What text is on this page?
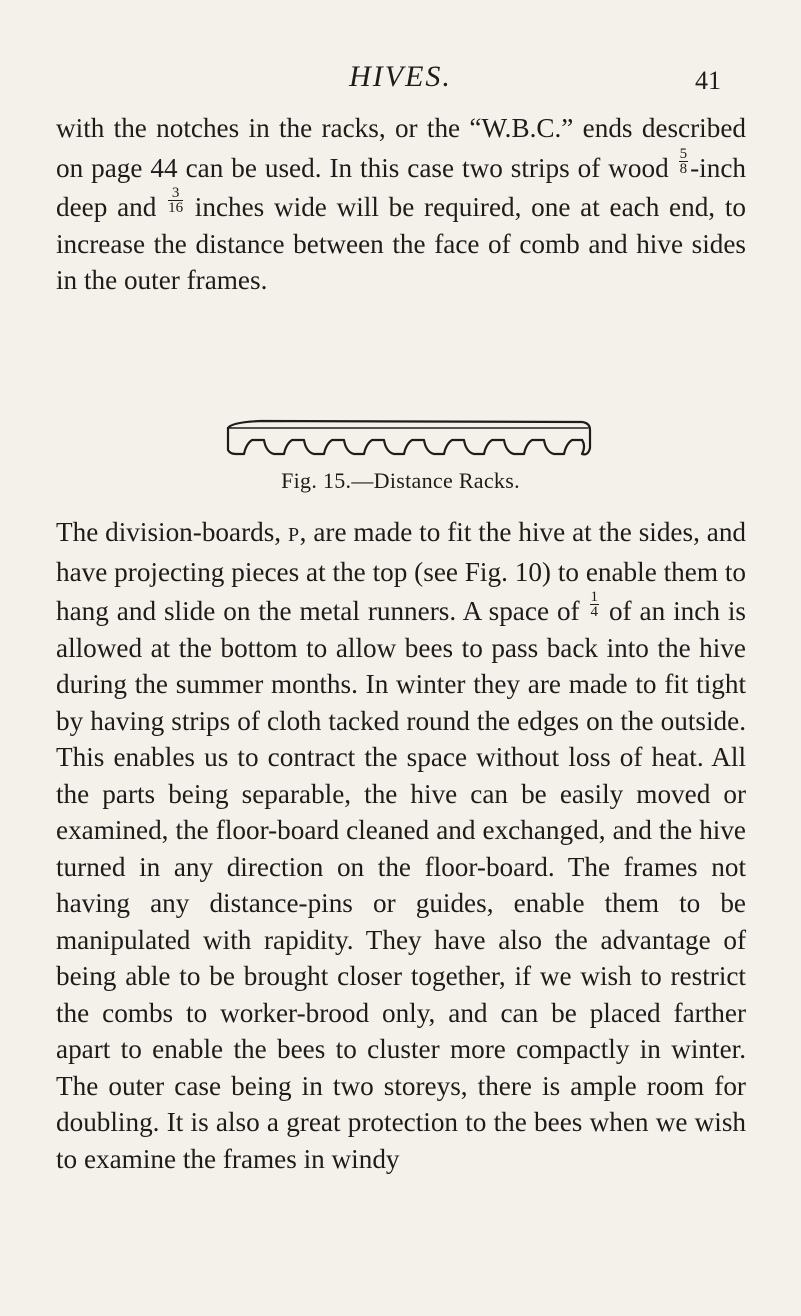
HIVES.	41

with the notches in the racks, or the “W.B.C.” ends described on page 44 can be used. In this case two strips of wood $\frac{5}{8}$ -inch deep and $\frac{3}{16}$ inches wide will be required, one at each end, to increase the distance between the face of comb and hive sides in the outer frames.

Fig. 15.—Distance Racks.

The division-boards, P, are made to fit the hive at the sides, and have projecting pieces at the top (see Fig. 10) to enable them to hang and slide on the metal runners. A space of $\frac{1}{4}$ of an inch is allowed at the bottom to allow bees to pass back into the hive during the summer months. In winter they are made to fit tight by having strips of cloth tacked round the edges on the outside. This enables us to contract the space without loss of heat. All the parts being separable, the hive can be easily moved or examined, the floor-board cleaned and exchanged, and the hive turned in any direction on the floor-board. The frames not having any distance-pins or guides, enable them to be manipulated with rapidity. They have also the advantage of being able to be brought closer together, if we wish to restrict the combs to worker-brood only, and can be placed farther apart to enable the bees to cluster more compactly in winter. The outer case being in two storeys, there is ample room for doubling. It is also a great protection to the bees when we wish to examine the frames in windy
